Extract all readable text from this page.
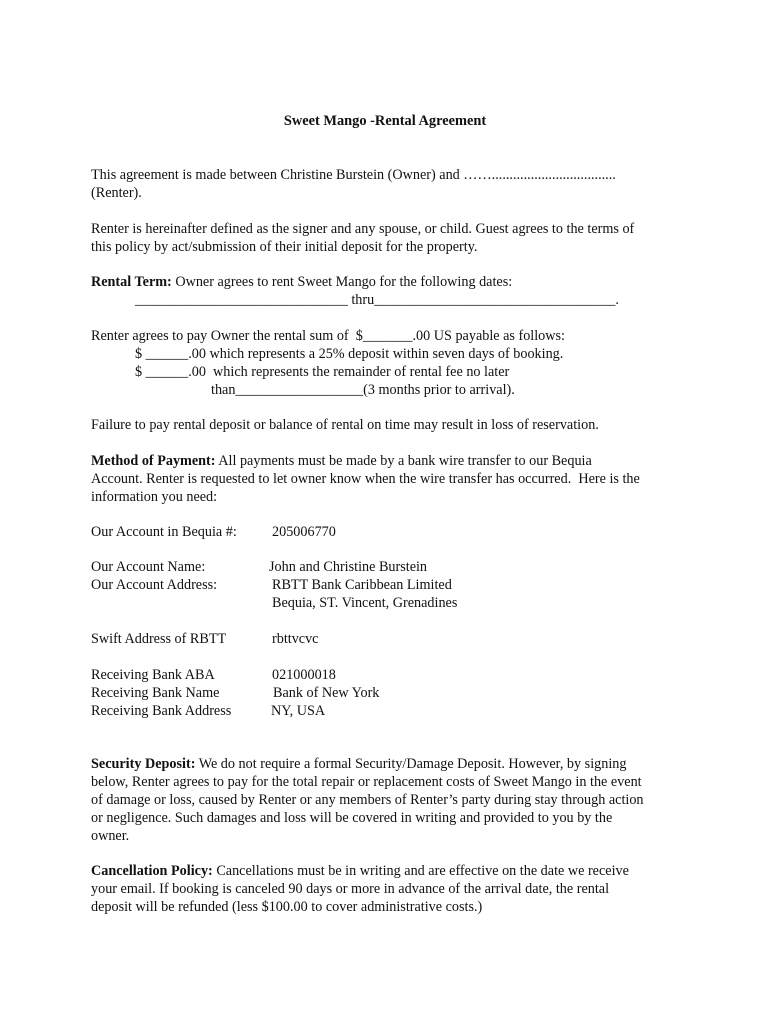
Sweet Mango -Rental Agreement
This agreement is made between Christine Burstein (Owner) and ……...................................
(Renter).
Renter is hereinafter defined as the signer and any spouse, or child. Guest agrees to the terms of
this policy by act/submission of their initial deposit for the property.
Rental Term: Owner agrees to rent Sweet Mango for the following dates:
______________________________ thru__________________________________.
Renter agrees to pay Owner the rental sum of  $_______.00 US payable as follows:
$ ______.00 which represents a 25% deposit within seven days of booking.
$ ______.00  which represents the remainder of rental fee no later
than__________________(3 months prior to arrival).
Failure to pay rental deposit or balance of rental on time may result in loss of reservation.
Method of Payment: All payments must be made by a bank wire transfer to our Bequia
Account. Renter is requested to let owner know when the wire transfer has occurred.  Here is the
information you need:
Our Account in Bequia #: 205006770
Our Account Name:	John and Christine Burstein
Our Account Address:	RBTT Bank Caribbean Limited
Bequia, ST. Vincent, Grenadines
Swift Address of RBTT	rbttvcvc
Receiving Bank ABA	021000018
Receiving Bank Name	Bank of New York
Receiving Bank Address	NY, USA
Security Deposit: We do not require a formal Security/Damage Deposit. However, by signing
below, Renter agrees to pay for the total repair or replacement costs of Sweet Mango in the event
of damage or loss, caused by Renter or any members of Renter’s party during stay through action
or negligence. Such damages and loss will be covered in writing and provided to you by the
owner.
Cancellation Policy: Cancellations must be in writing and are effective on the date we receive
your email. If booking is canceled 90 days or more in advance of the arrival date, the rental
deposit will be refunded (less $100.00 to cover administrative costs.)
